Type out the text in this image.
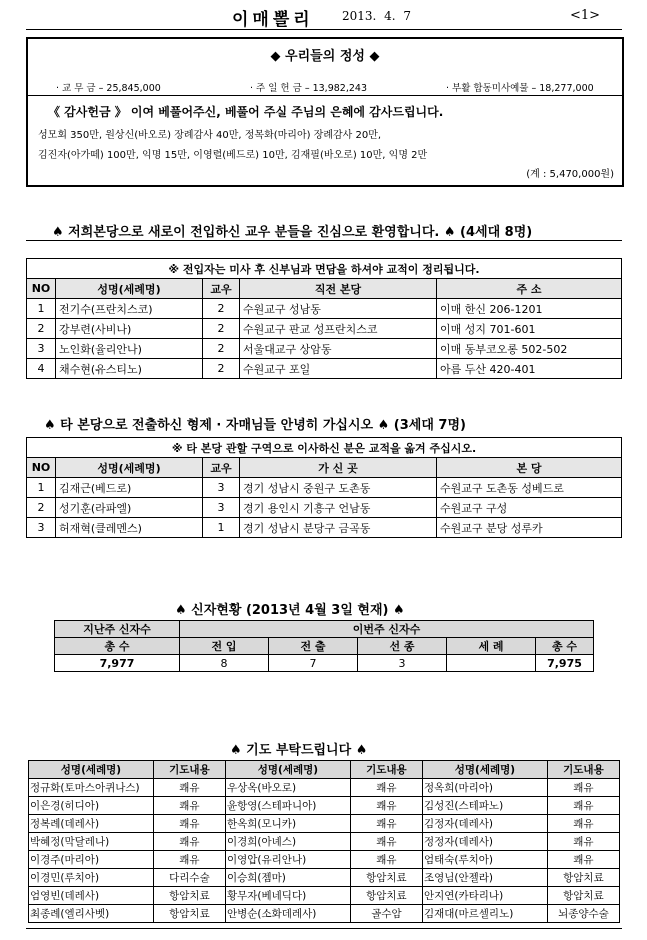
이매뽈리 2013. 4. 7	<1>
◆ 우리들의 정성 ◆
· 교 무 금 – 25,845,000	· 주 일 헌 금 – 13,982,243	· 부활 합동미사예물 – 18,277,000
《 감사헌금 》 이여 베풀어주신, 베풀어 주실 주님의 은혜에 감사드립니다.
성모회 350만, 원상신(바오로) 장례감사 40만, 정목화(마리아) 장례감사 20만,
김진자(아가떼) 100만, 익명 15만, 이영렬(베드로) 10만, 김재필(바오로) 10만, 익명 2만
(계 : 5,470,000원)
♠ 저희본당으로 새로이 전입하신 교우 분들을 진심으로 환영합니다. ♠ (4세대 8명)
※ 전입자는 미사 후 신부님과 면담을 하셔야 교적이 정리됩니다.				
NO	성명(세례명)	교우	직전 본당	주 소
1	전기수(프란치스코)	2	수원교구 성남동	이매 한신 206-1201
2	강부련(사비나)	2	수원교구 판교 성프란치스코	이매 성지 701-601
3	노인화(율리안나)	2	서울대교구 상암동	이매 동부코오롱 502-502
4	채수현(유스티노)	2	수원교구 포일	아름 두산 420-401
♠ 타 본당으로 전출하신 형제 · 자매님들 안녕히 가십시오 ♠ (3세대 7명)
※ 타 본당 관할 구역으로 이사하신 분은 교적을 옮겨 주십시오.				
NO	성명(세례명)	교우	가 신 곳	본 당
1	김재근(베드로)	3	경기 성남시 중원구 도촌동	수원교구 도촌동 성베드로
2	성기훈(라파엘)	3	경기 용인시 기흥구 언남동	수원교구 구성
3	허재혁(클레멘스)	1	경기 성남시 분당구 금곡동	수원교구 분당 성루카
♠ 신자현황 (2013년 4월 3일 현재) ♠
지난주 신자수	이번주 신자수				
총 수	전 입	전 출	선 종	세 례	총 수
7,977	8	7	3		7,975
♠ 기도 부탁드립니다 ♠
성명(세례명)	기도내용	성명(세례명)	기도내용	성명(세례명)	기도내용
정규화(토마스아퀴나스)	쾌유	우상옥(바오로)	쾌유	정옥희(마리아)	쾌유
이은경(히디아)	쾌유	윤항영(스테파니아)	쾌유	김성진(스테파노)	쾌유
정복례(데레사)	쾌유	한옥희(모니카)	쾌유	김정자(데레사)	쾌유
박혜정(막달레나)	쾌유	이경희(아녜스)	쾌유	정정자(데레사)	쾌유
이경주(마리아)	쾌유	이영압(유리안나)	쾌유	엄태숙(루치아)	쾌유
이경민(루치아)	다리수술	이승희(젬마)	항암치료	조영님(안젤라)	항암치료
엄영빈(데레사)	항암치료	황무자(베네딕다)	항암치료	안지연(카타리나)	항암치료
최종례(엘리사벳)	항암치료	안병순(소화데레사)	골수암	김재대(마르셀리노)	뇌종양수술
